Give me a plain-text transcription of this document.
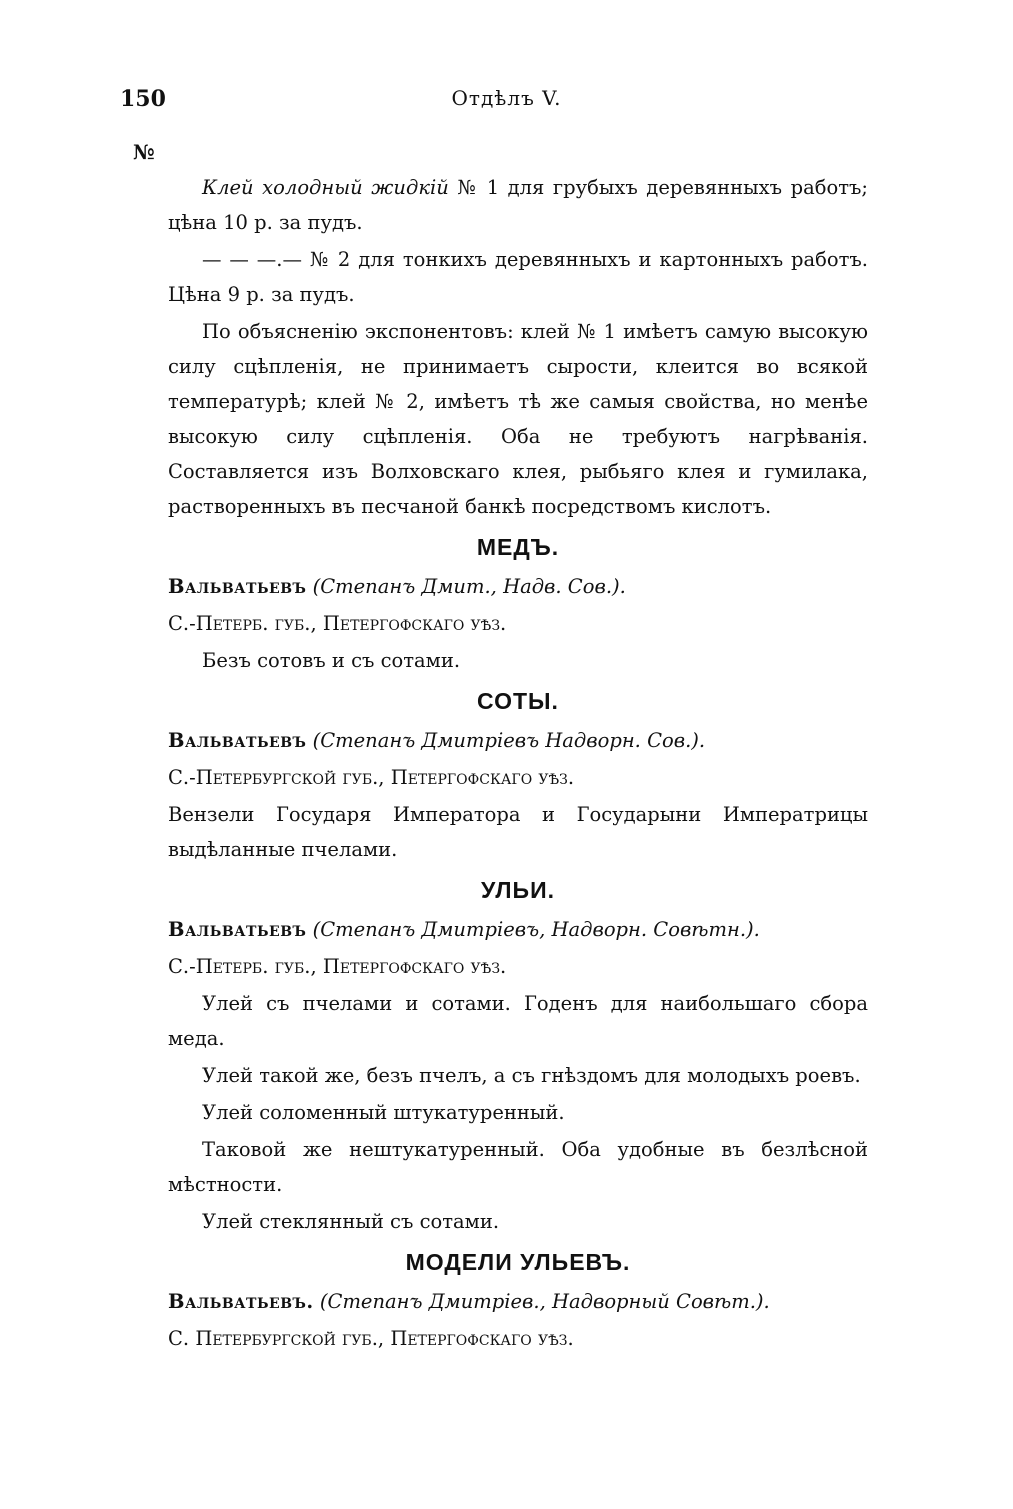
150	Отдѣлъ V.
№

Клей холодный жидкій № 1 для грубыхъ деревянныхъ работъ; цѣна 10 р. за пудъ.

— — —.— № 2 для тонкихъ деревянныхъ и картонныхъ работъ. Цѣна 9 р. за пудъ.

По объясненію экспонентовъ: клей № 1 имѣетъ самую высокую силу сцѣпленія, не принимаетъ сырости, клеится во всякой температурѣ; клей № 2, имѣетъ тѣ же самыя свойства, но менѣе высокую силу сцѣпленія. Оба не требуютъ нагрѣванія. Составляется изъ Волховскаго клея, рыбьяго клея и гумилака, растворенныхъ въ песчаной банкѣ посредствомъ кислотъ.

МЕДЪ.

Вальватьевъ (Степанъ Дмит., Надв. Сов.).

С.-Петерб. губ., Петергофскаго уѣз.

Безъ сотовъ и съ сотами.

СОТЫ.

Вальватьевъ (Степанъ Дмитріевъ Надворн. Сов.).

С.-Петербургской губ., Петергофскаго уѣз.

Вензели Государя Императора и Государыни Императрицы выдѣланные пчелами.

УЛЬИ.

Вальватьевъ (Степанъ Дмитріевъ, Надворн. Совѣтн.).

С.-Петерб. губ., Петергофскаго уѣз.

Улей съ пчелами и сотами. Годенъ для наибольшаго сбора меда.

Улей такой же, безъ пчелъ, а съ гнѣздомъ для молодыхъ роевъ.

Улей соломенный штукатуренный.

Таковой же нештукатуренный. Оба удобные въ безлѣсной мѣстности.

Улей стеклянный съ сотами.

МОДЕЛИ УЛЬЕВЪ.

Вальватьевъ. (Степанъ Дмитріев., Надворный Совѣт.).

С. Петербургской губ., Петергофскаго уѣз.
